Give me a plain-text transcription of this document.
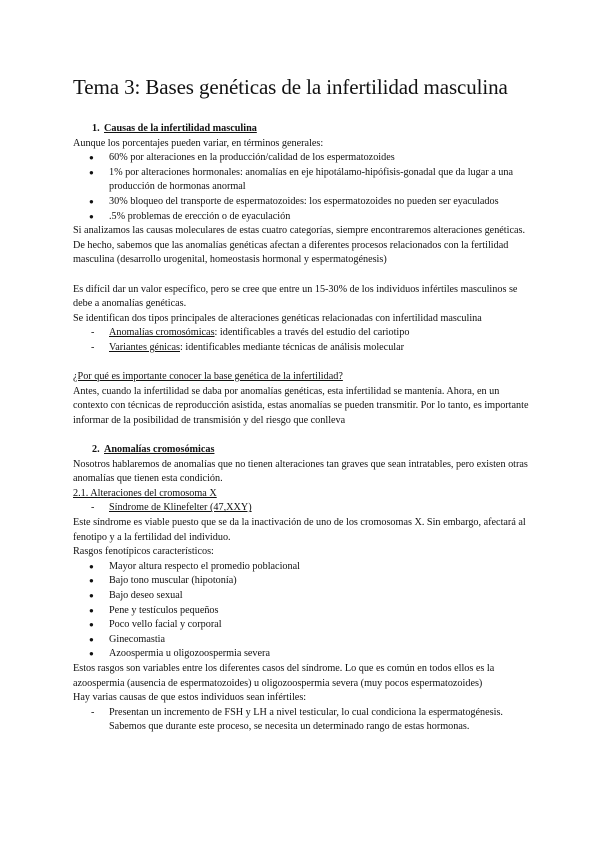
Tema 3: Bases genéticas de la infertilidad masculina
1. Causas de la infertilidad masculina

Aunque los porcentajes pueden variar, en términos generales:

● 60% por alteraciones en la producción/calidad de los espermatozoides
● 1% por alteraciones hormonales: anomalías en eje hipotálamo-hipófisis-gonadal que da lugar a una producción de hormonas anormal
● 30% bloqueo del transporte de espermatozoides: los espermatozoides no pueden ser eyaculados
● .5% problemas de erección o de eyaculación

Si analizamos las causas moleculares de estas cuatro categorías, siempre encontraremos alteraciones genéticas. De hecho, sabemos que las anomalías genéticas afectan a diferentes procesos relacionados con la fertilidad masculina (desarrollo urogenital, homeostasis hormonal y espermatogénesis)

Es difícil dar un valor específico, pero se cree que entre un 15-30% de los individuos infértiles masculinos se debe a anomalías genéticas.

Se identifican dos tipos principales de alteraciones genéticas relacionadas con infertilidad masculina

- Anomalías cromosómicas: identificables a través del estudio del cariotipo
- Variantes génicas: identificables mediante técnicas de análisis molecular

¿Por qué es importante conocer la base genética de la infertilidad?

Antes, cuando la infertilidad se daba por anomalías genéticas, esta infertilidad se mantenía. Ahora, en un contexto con técnicas de reproducción asistida, estas anomalías se pueden transmitir. Por lo tanto, es importante informar de la posibilidad de transmisión y del riesgo que conlleva

2. Anomalías cromosómicas

Nosotros hablaremos de anomalías que no tienen alteraciones tan graves que sean intratables, pero existen otras anomalías que tienen esta condición.

2.1. Alteraciones del cromosoma X

- Síndrome de Klinefelter (47,XXY)

Este síndrome es viable puesto que se da la inactivación de uno de los cromosomas X. Sin embargo, afectará al fenotipo y a la fertilidad del individuo.

Rasgos fenotípicos característicos:

● Mayor altura respecto el promedio poblacional
● Bajo tono muscular (hipotonía)
● Bajo deseo sexual
● Pene y testículos pequeños
● Poco vello facial y corporal
● Ginecomastia
● Azoospermia u oligozoospermia severa

Estos rasgos son variables entre los diferentes casos del síndrome. Lo que es común en todos ellos es la azoospermia (ausencia de espermatozoides) u oligozoospermia severa (muy pocos espermatozoides)

Hay varias causas de que estos individuos sean infértiles:

- Presentan un incremento de FSH y LH a nivel testicular, lo cual condiciona la espermatogénesis. Sabemos que durante este proceso, se necesita un determinado rango de estas hormonas.
